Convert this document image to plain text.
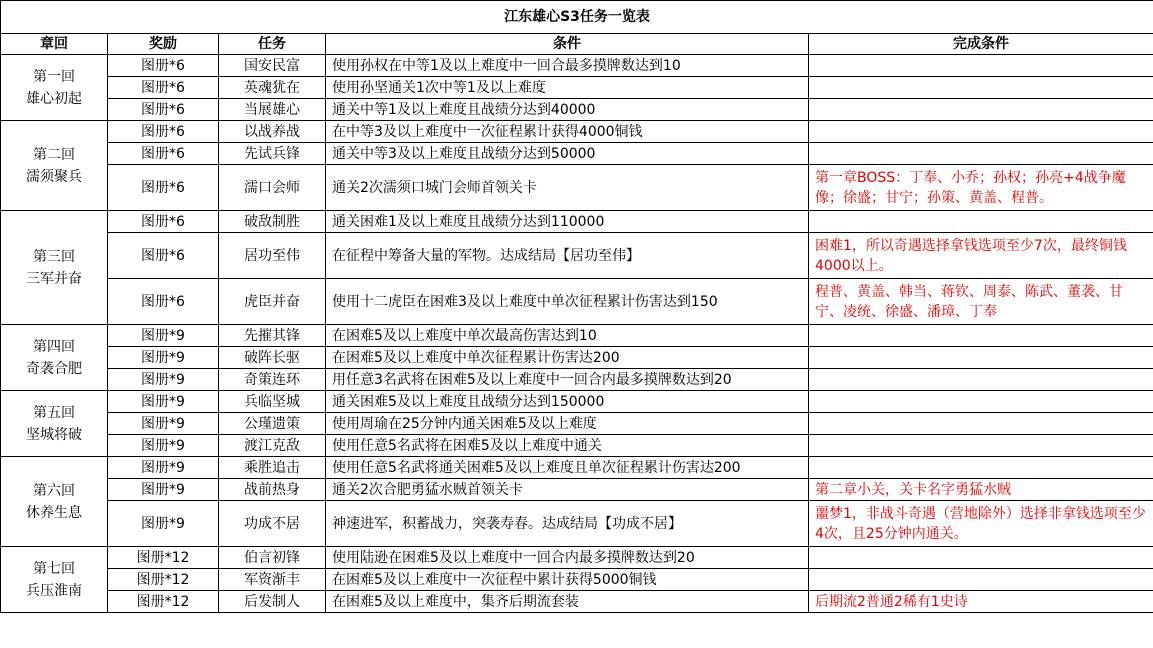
江东雄心S3任务一览表				
章回	奖励	任务	条件	完成条件

第一回
雄心初起	图册*6	国安民富	使用孙权在中等1及以上难度中一回合最多摸牌数达到10	
	图册*6	英魂犹在	使用孙坚通关1次中等1及以上难度	
	图册*6	当展雄心	通关中等1及以上难度且战绩分达到40000	

第二回
濡须聚兵	图册*6	以战养战	在中等3及以上难度中一次征程累计获得4000铜钱	
	图册*6	先试兵锋	通关中等3及以上难度且战绩分达到50000	
	图册*6	濡口会师	通关2次濡须口城门会师首领关卡	第一章BOSS：丁奉、小乔；孙权；孙亮+4战争魔像；徐盛；甘宁；孙策、黄盖、程普。

第三回
三军并奋	图册*6	破敌制胜	通关困难1及以上难度且战绩分达到110000	
	图册*6	居功至伟	在征程中筹备大量的军物。达成结局【居功至伟】	困难1，所以奇遇选择拿钱选项至少7次，最终铜钱4000以上。
	图册*6	虎臣并奋	使用十二虎臣在困难3及以上难度中单次征程累计伤害达到150	程普、黄盖、韩当、蒋钦、周泰、陈武、董袭、甘宁、凌统、徐盛、潘璋、丁奉

第四回
奇袭合肥	图册*9	先摧其锋	在困难5及以上难度中单次最高伤害达到10	
	图册*9	破阵长驱	在困难5及以上难度中单次征程累计伤害达200	
	图册*9	奇策连环	用任意3名武将在困难5及以上难度中一回合内最多摸牌数达到20	

第五回
坚城将破	图册*9	兵临坚城	通关困难5及以上难度且战绩分达到150000	
	图册*9	公瑾遗策	使用周瑜在25分钟内通关困难5及以上难度	
	图册*9	渡江克敌	使用任意5名武将在困难5及以上难度中通关	

第六回
休养生息	图册*9	乘胜追击	使用任意5名武将通关困难5及以上难度且单次征程累计伤害达200	
	图册*9	战前热身	通关2次合肥勇猛水贼首领关卡	第二章小关，关卡名字勇猛水贼
	图册*9	功成不居	神速进军，积蓄战力，突袭寿春。达成结局【功成不居】	噩梦1，非战斗奇遇（营地除外）选择非拿钱选项至少4次，且25分钟内通关。

第七回
兵压淮南	图册*12	伯言初锋	使用陆逊在困难5及以上难度中一回合内最多摸牌数达到20	
	图册*12	军资渐丰	在困难5及以上难度中一次征程中累计获得5000铜钱	
	图册*12	后发制人	在困难5及以上难度中，集齐后期流套装	后期流2普通2稀有1史诗
